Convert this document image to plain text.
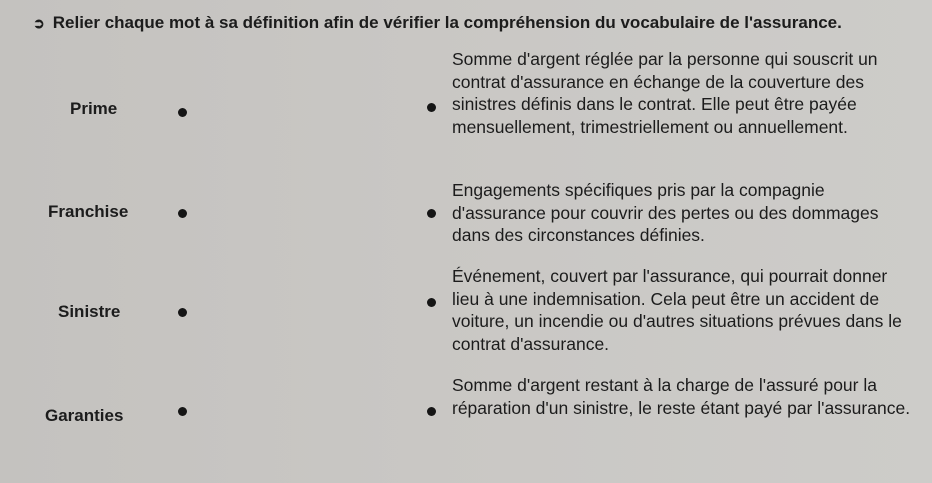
➲ Relier chaque mot à sa définition afin de vérifier la compréhension du vocabulaire de l'assurance.
Prime
Franchise
Sinistre
Garanties
Somme d'argent réglée par la personne qui souscrit un contrat d'assurance en échange de la couverture des sinistres définis dans le contrat. Elle peut être payée mensuellement, trimestriellement ou annuellement.
Engagements spécifiques pris par la compagnie d'assurance pour couvrir des pertes ou des dommages dans des circonstances définies.
Événement, couvert par l'assurance, qui pourrait donner lieu à une indemnisation. Cela peut être un accident de voiture, un incendie ou d'autres situations prévues dans le contrat d'assurance.
Somme d'argent restant à la charge de l'assuré pour la réparation d'un sinistre, le reste étant payé par l'assurance.
